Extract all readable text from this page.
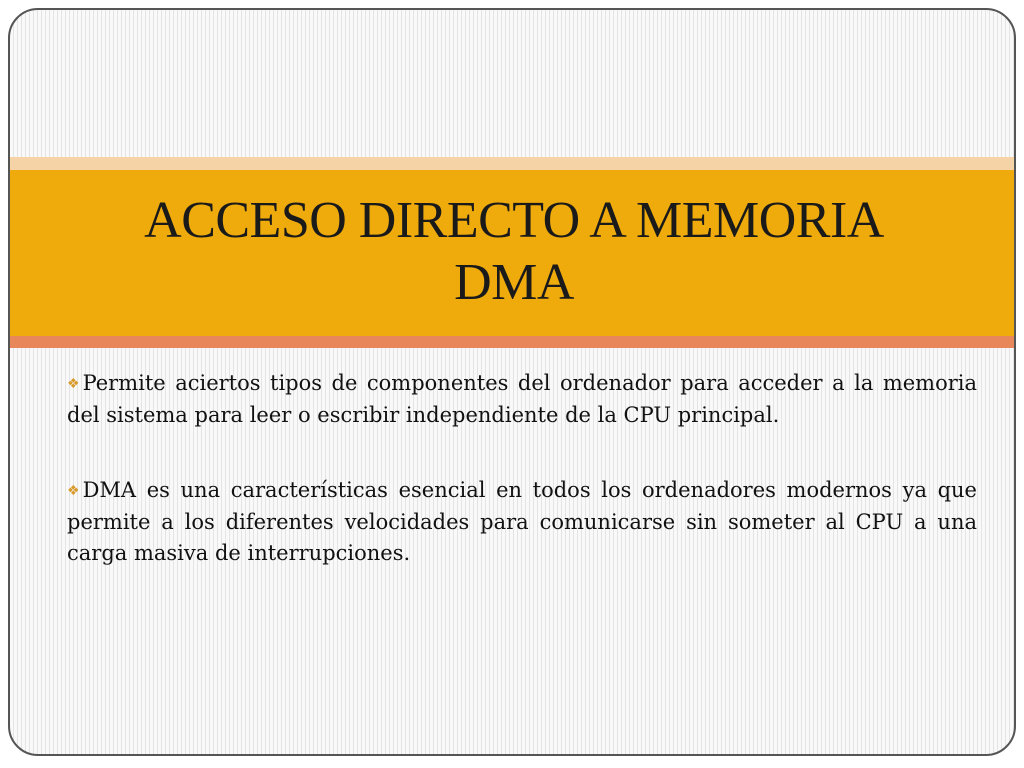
ACCESO DIRECTO A MEMORIA
DMA

❖ Permite aciertos tipos de componentes del ordenador para acceder a la memoria del sistema para leer o escribir independiente de la CPU principal.

❖ DMA es una características esencial en todos los ordenadores modernos ya que permite a los diferentes velocidades para comunicarse sin someter al CPU a una carga masiva de interrupciones.
